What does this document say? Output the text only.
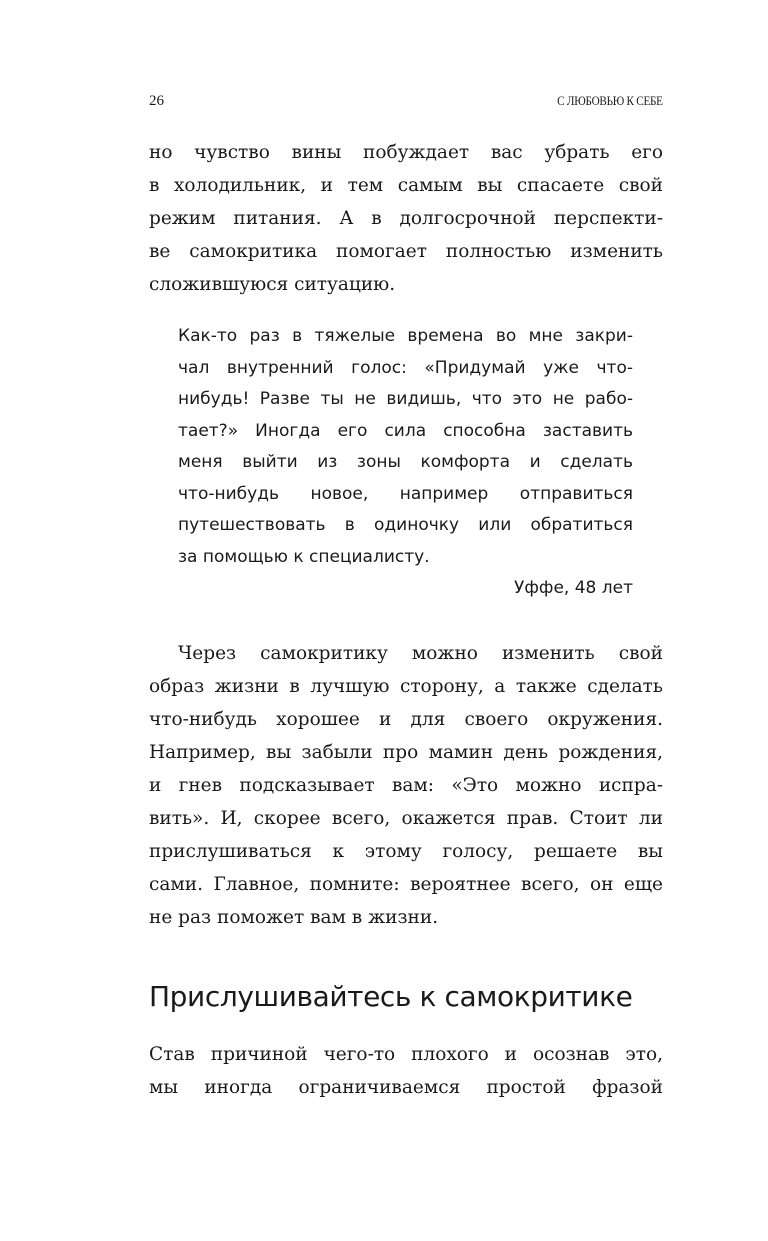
26	С ЛЮБОВЬЮ К СЕБЕ
но чувство вины побуждает вас убрать его
в холодильник, и тем самым вы спасаете свой
режим питания. А в долгосрочной перспекти-
ве самокритика помогает полностью изменить
сложившуюся ситуацию.
Как-то раз в тяжелые времена во мне закри-
чал внутренний голос: «Придумай уже что-
нибудь! Разве ты не видишь, что это не рабо-
тает?» Иногда его сила способна заставить
меня выйти из зоны комфорта и сделать
что-нибудь новое, например отправиться
путешествовать в одиночку или обратиться
за помощью к специалисту.
Уффе, 48 лет
Через самокритику можно изменить свой
образ жизни в лучшую сторону, а также сделать
что-нибудь хорошее и для своего окружения.
Например, вы забыли про мамин день рождения,
и гнев подсказывает вам: «Это можно испра-
вить». И, скорее всего, окажется прав. Стоит ли
прислушиваться к этому голосу, решаете вы
сами. Главное, помните: вероятнее всего, он еще
не раз поможет вам в жизни.
Прислушивайтесь к самокритике
Став причиной чего-то плохого и осознав это,
мы иногда ограничиваемся простой фразой
